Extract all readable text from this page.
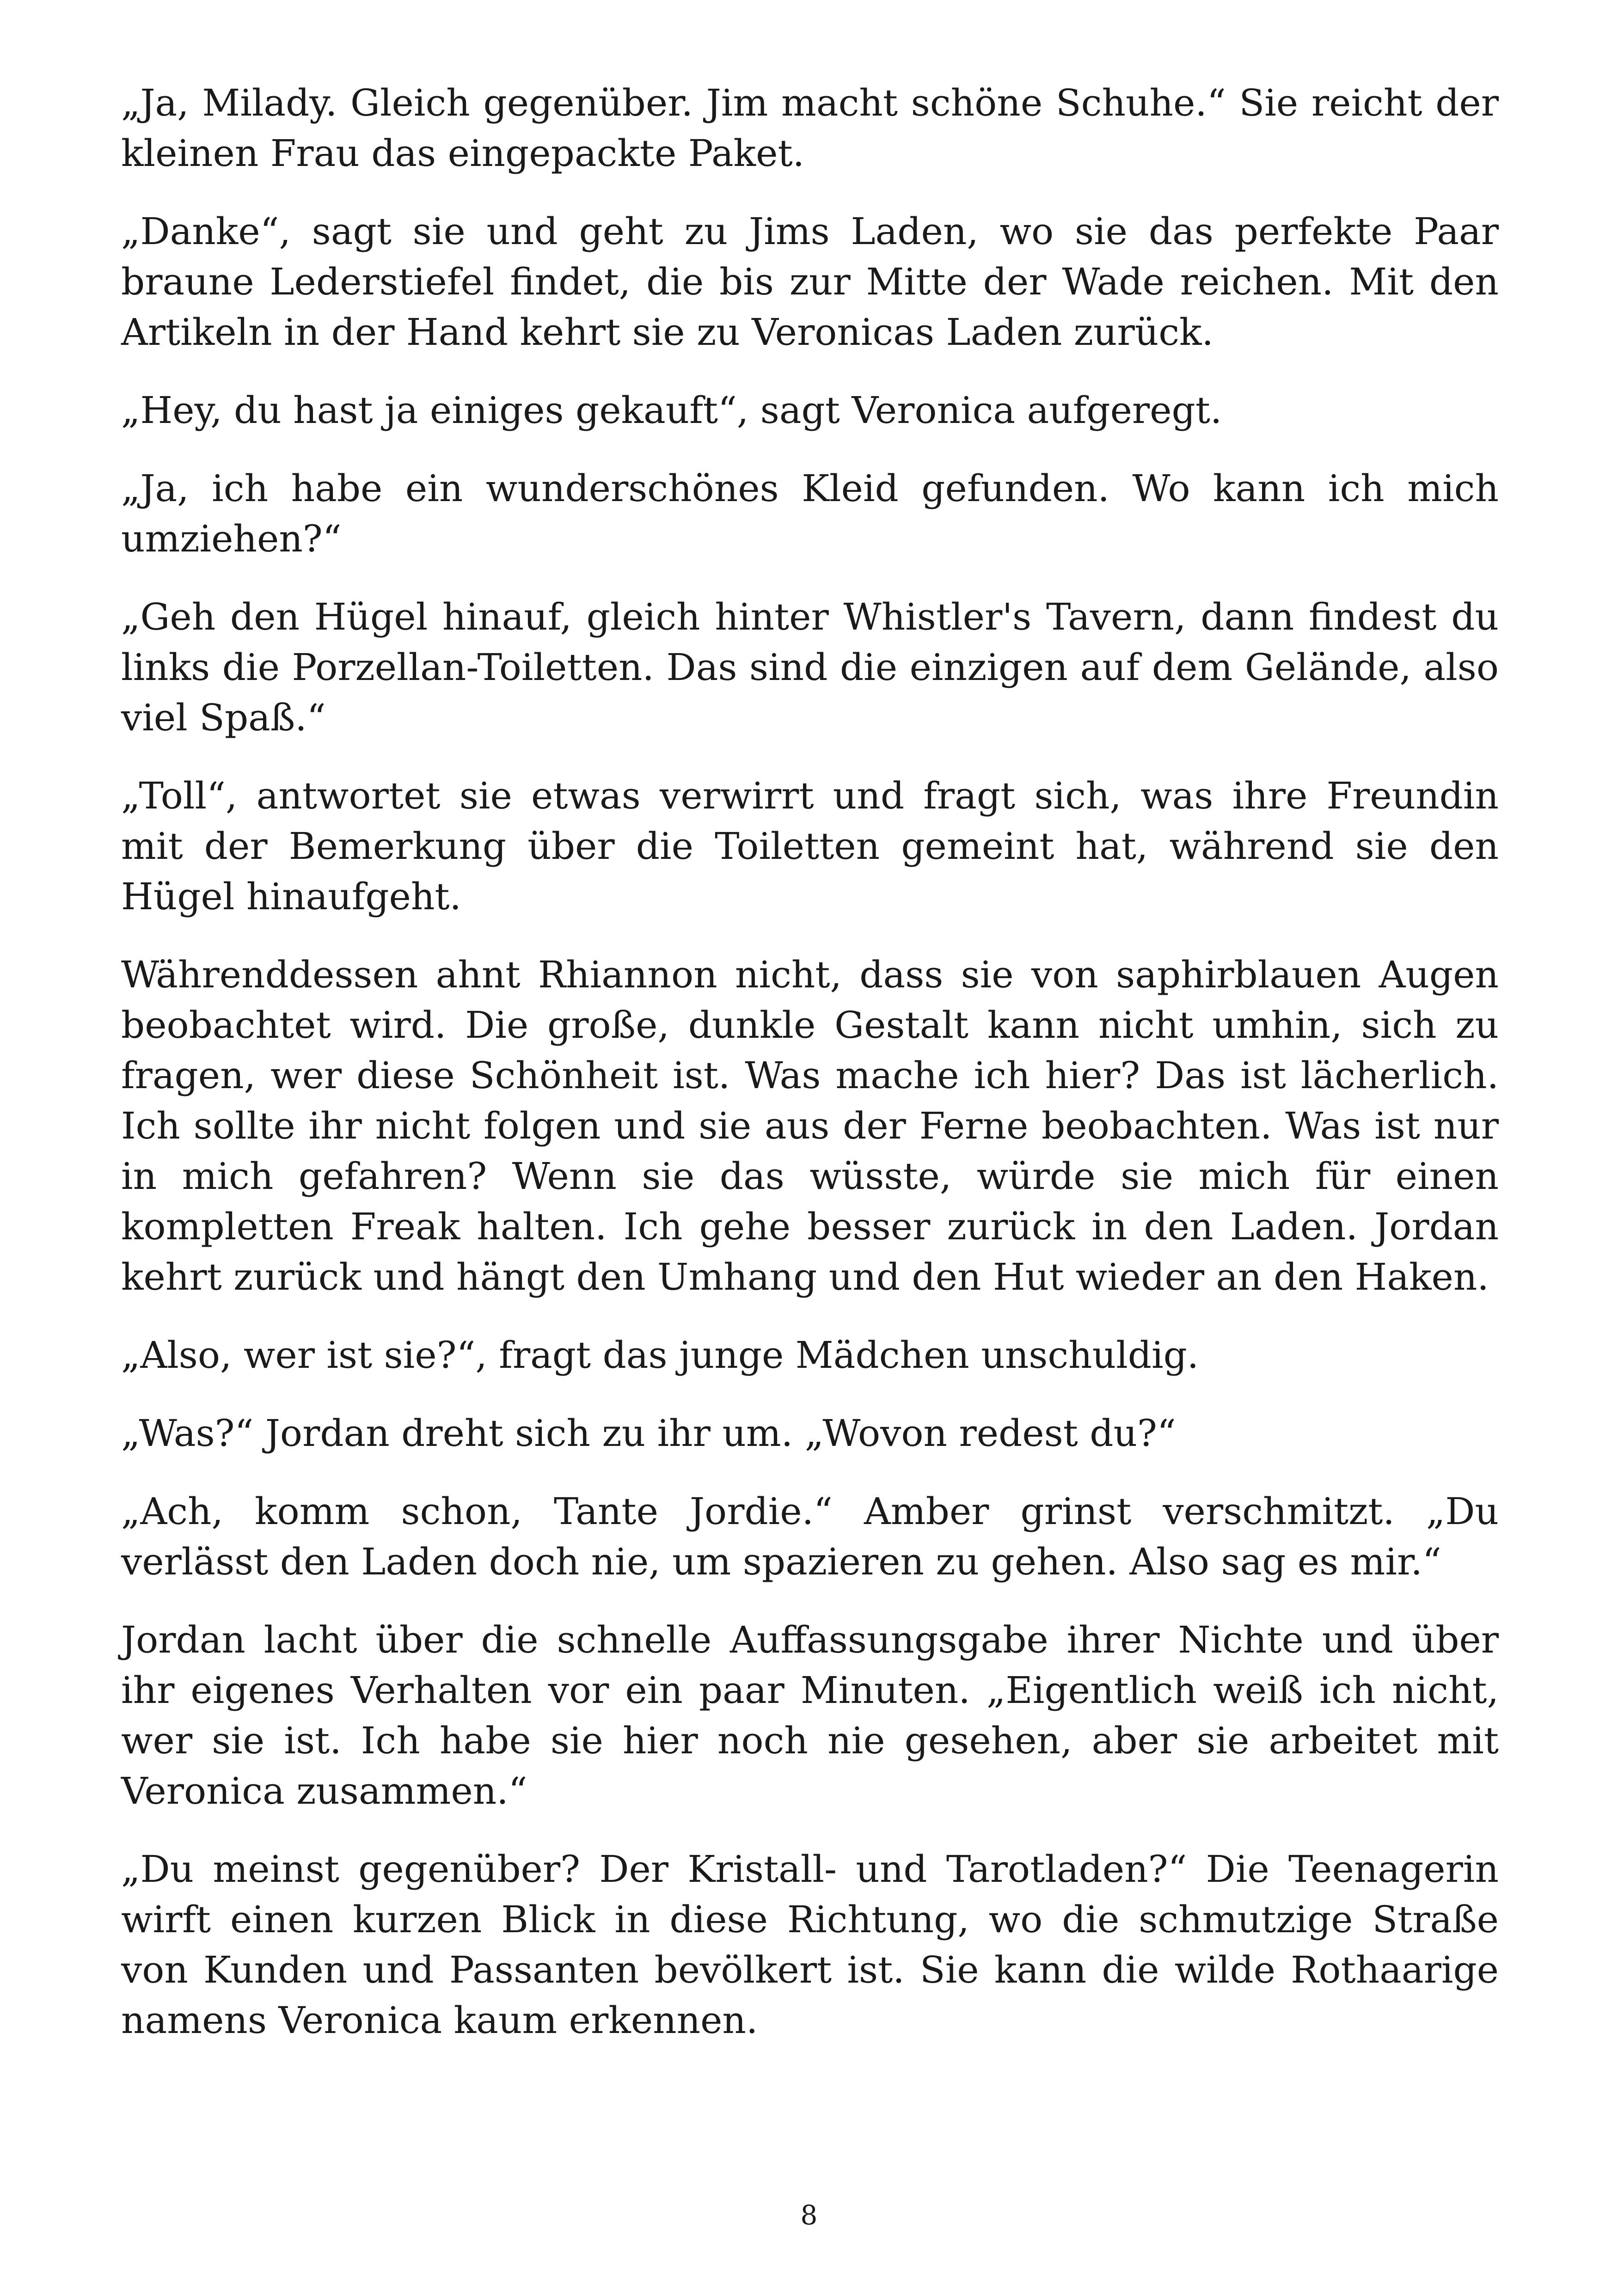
„Ja, Milady. Gleich gegenüber. Jim macht schöne Schuhe.“ Sie reicht der kleinen Frau das eingepackte Paket.

„Danke“, sagt sie und geht zu Jims Laden, wo sie das perfekte Paar braune Lederstiefel findet, die bis zur Mitte der Wade reichen. Mit den Artikeln in der Hand kehrt sie zu Veronicas Laden zurück.

„Hey, du hast ja einiges gekauft“, sagt Veronica aufgeregt.

„Ja, ich habe ein wunderschönes Kleid gefunden. Wo kann ich mich umziehen?“

„Geh den Hügel hinauf, gleich hinter Whistler's Tavern, dann findest du links die Porzellan-Toiletten. Das sind die einzigen auf dem Gelände, also viel Spaß.“

„Toll“, antwortet sie etwas verwirrt und fragt sich, was ihre Freundin mit der Bemerkung über die Toiletten gemeint hat, während sie den Hügel hinaufgeht.

Währenddessen ahnt Rhiannon nicht, dass sie von saphirblauen Augen beobachtet wird. Die große, dunkle Gestalt kann nicht umhin, sich zu fragen, wer diese Schönheit ist. Was mache ich hier? Das ist lächerlich. Ich sollte ihr nicht folgen und sie aus der Ferne beobachten. Was ist nur in mich gefahren? Wenn sie das wüsste, würde sie mich für einen kompletten Freak halten. Ich gehe besser zurück in den Laden. Jordan kehrt zurück und hängt den Umhang und den Hut wieder an den Haken.

„Also, wer ist sie?“, fragt das junge Mädchen unschuldig.

„Was?“ Jordan dreht sich zu ihr um. „Wovon redest du?“

„Ach, komm schon, Tante Jordie.“ Amber grinst verschmitzt. „Du verlässt den Laden doch nie, um spazieren zu gehen. Also sag es mir.“

Jordan lacht über die schnelle Auffassungsgabe ihrer Nichte und über ihr eigenes Verhalten vor ein paar Minuten. „Eigentlich weiß ich nicht, wer sie ist. Ich habe sie hier noch nie gesehen, aber sie arbeitet mit Veronica zusammen.“

„Du meinst gegenüber? Der Kristall- und Tarotladen?“ Die Teenagerin wirft einen kurzen Blick in diese Richtung, wo die schmutzige Straße von Kunden und Passanten bevölkert ist. Sie kann die wilde Rothaarige namens Veronica kaum erkennen.

8
